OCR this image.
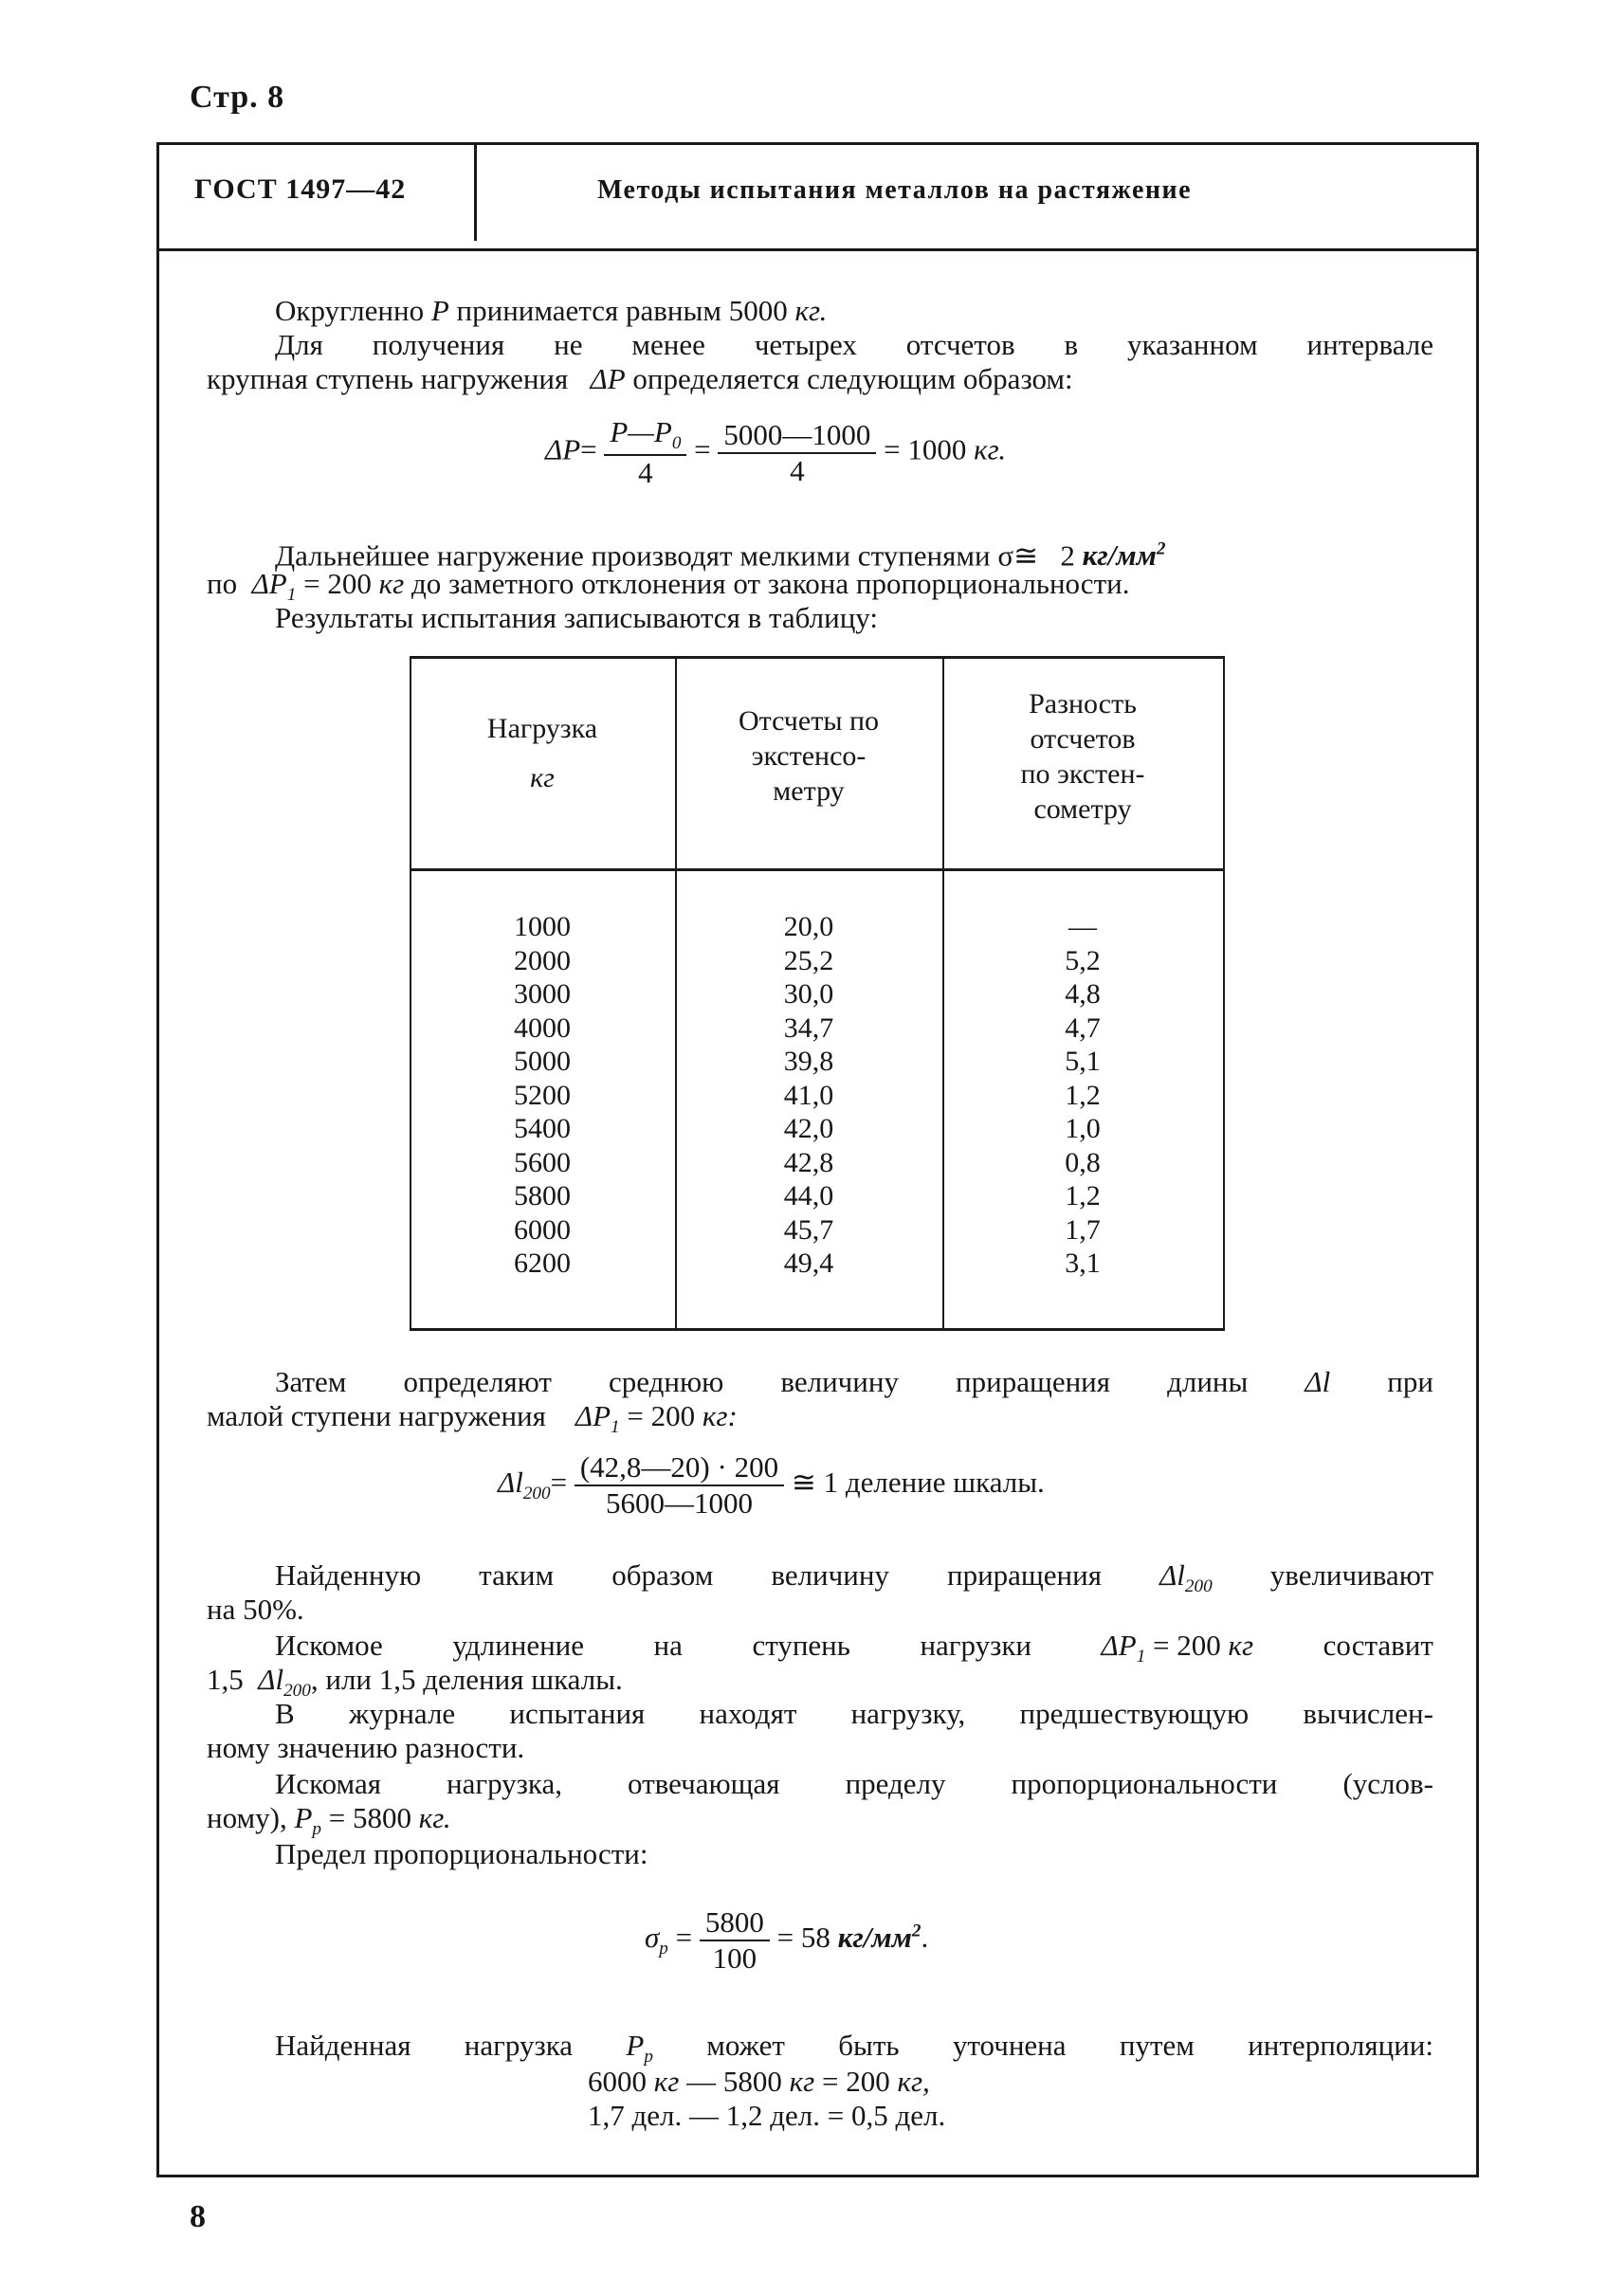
Стр. 8
ГОСТ 1497—42	Методы испытания металлов на растяжение
Округленно P принимается равным 5000 кг.
Для получения не менее четырех отсчетов в указанном интервале
крупная ступень нагружения ΔP определяется следующим образом:
$\Delta P= \frac{P—P_0}{4} = \frac{5000—1000}{4} = 1000$ кг.
Дальнейшее нагружение производят мелкими ступенями σ≅ 2 $кг/мм^2$
по $\Delta P_1 = 200$ кг до заметного отклонения от закона пропорциональности.
Результаты испытания записываются в таблицу:
Нагрузка
кг
Отсчеты по
экстенсо-
метру
Разность
отсчетов
по экстен-
сометру
1000
2000
3000
4000
5000
5200
5400
5600
5800
6000
6200
20,0
25,2
30,0
34,7
39,8
41,0
42,0
42,8
44,0
45,7
49,4
—
5,2
4,8
4,7
5,1
1,2
1,0
0,8
1,2
1,7
3,1
Затем определяют среднюю величину приращения длины Δl при
малой ступени нагружения $\Delta P_1 = 200$ кг:
$\Delta l_{200}= \frac{(42,8—20) \cdot 200}{5600—1000}$ ≅ 1 деление шкалы.
Найденную таким образом величину приращения $\Delta l_{200}$ увеличивают
на 50%.
Искомое удлинение на ступень нагрузки $\Delta P_1 = 200$ кг составит
1,5 $\Delta l_{200}$, или 1,5 деления шкалы.
В журнале испытания находят нагрузку, предшествующую вычислен-
ному значению разности.
Искомая нагрузка, отвечающая пределу пропорциональности (услов-
ному), $P_p = 5800$ кг.
Предел пропорциональности:
$\sigma_p = \frac{5800}{100} = 58$ $кг/мм^2$.
Найденная нагрузка $P_p$ может быть уточнена путем интерполяции:
6000 кг — 5800 кг = 200 кг,
1,7 дел. — 1,2 дел. = 0,5 дел.
8
